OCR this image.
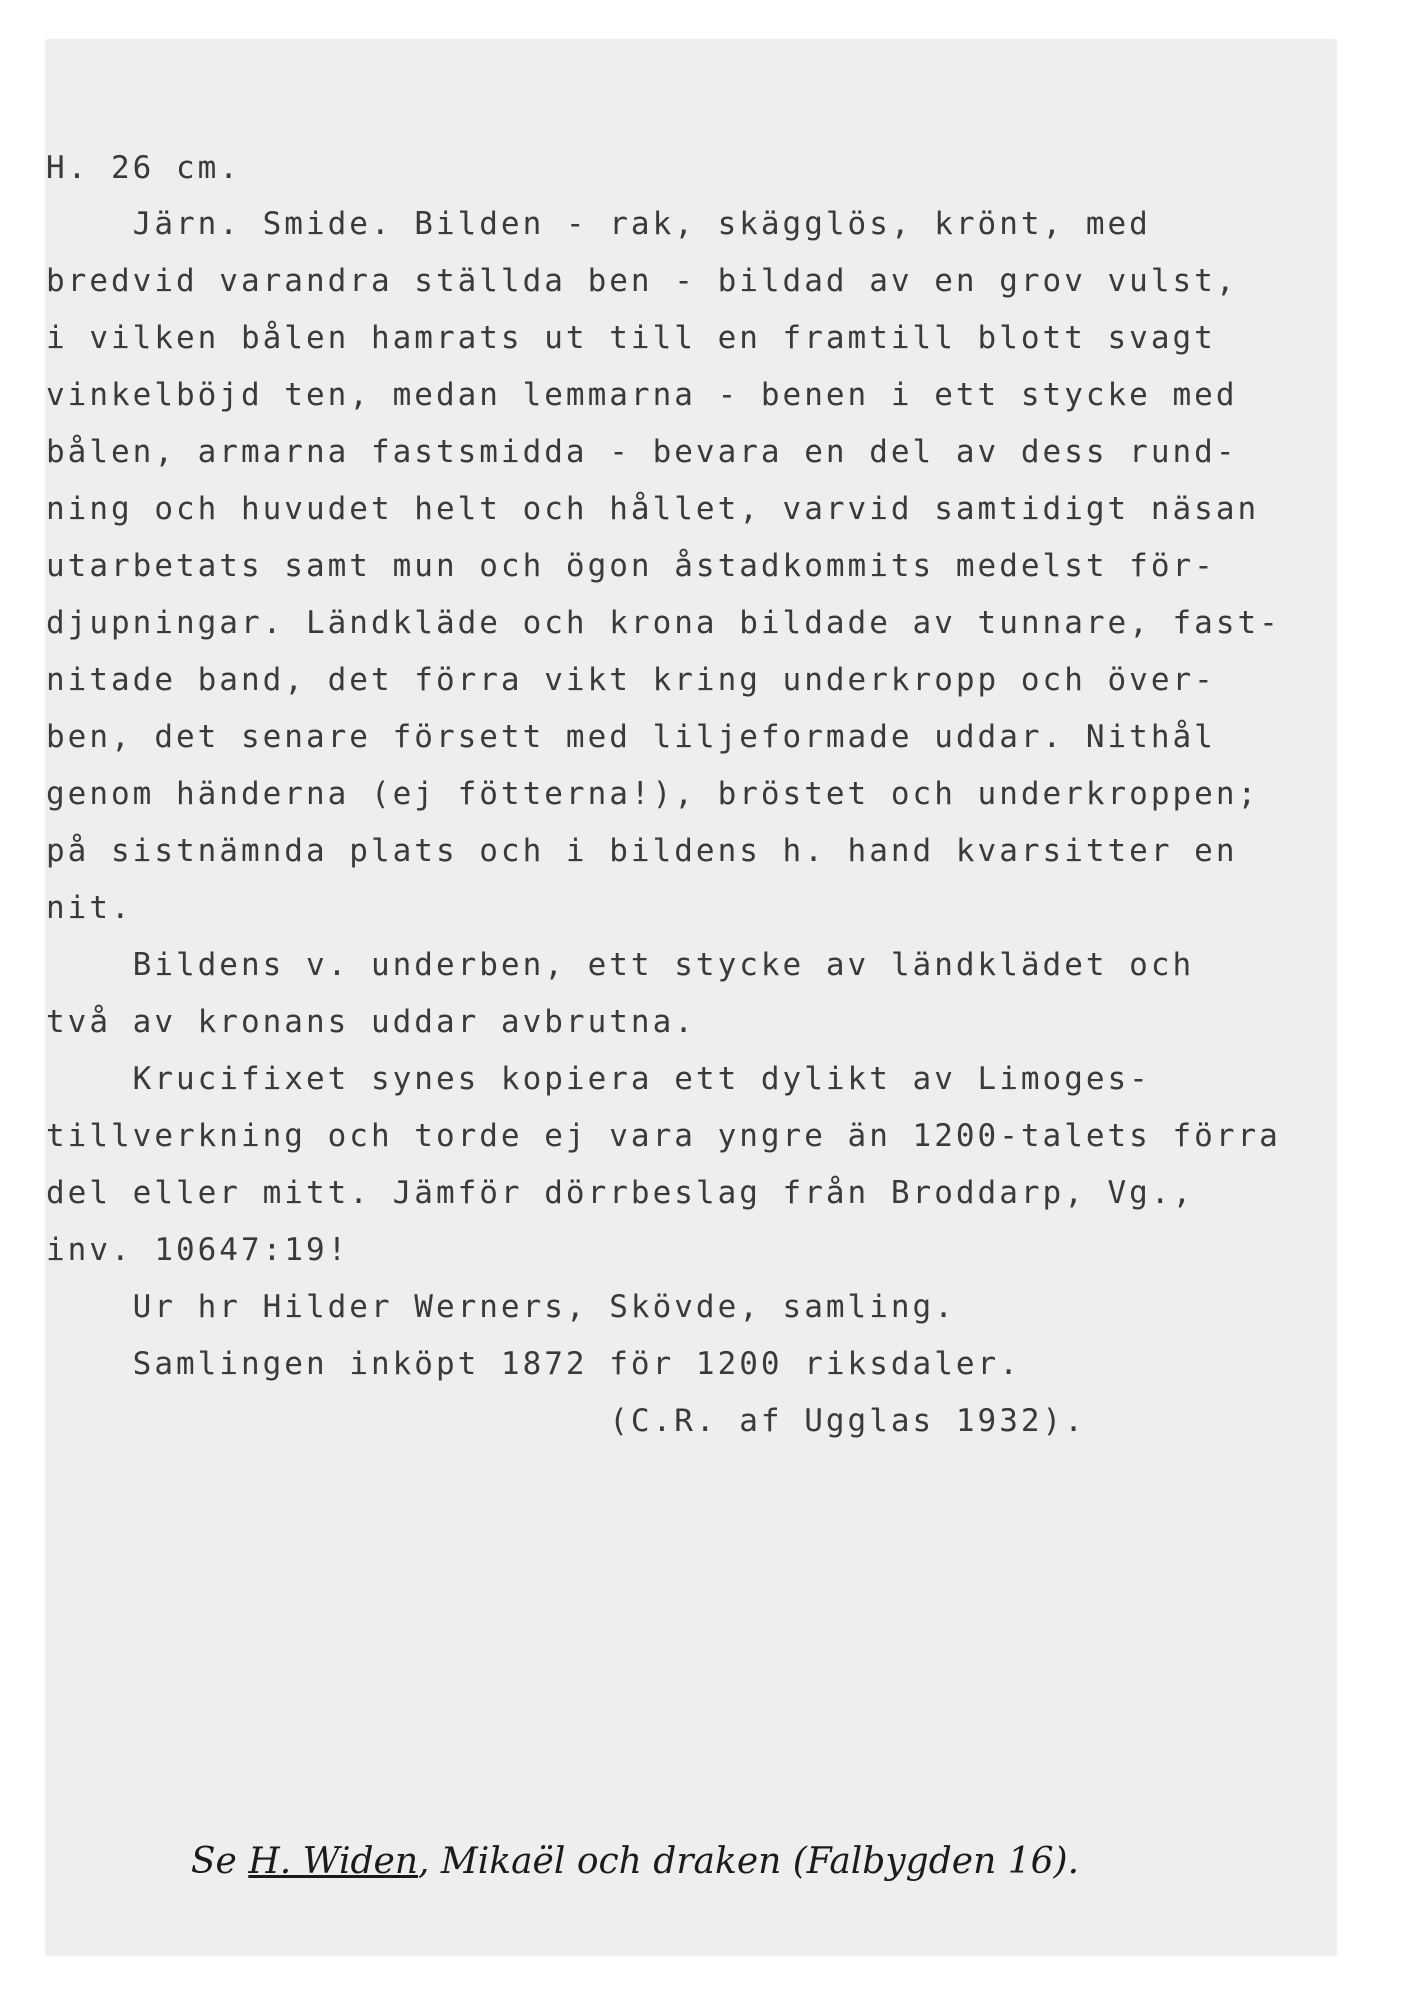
H. 26 cm.
Järn. Smide. Bilden - rak, skägglös, krönt, med
bredvid varandra ställda ben - bildad av en grov vulst,
i vilken bålen hamrats ut till en framtill blott svagt
vinkelböjd ten, medan lemmarna - benen i ett stycke med
bålen, armarna fastsmidda - bevara en del av dess rund-
ning och huvudet helt och hållet, varvid samtidigt näsan
utarbetats samt mun och ögon åstadkommits medelst för-
djupningar. Ländkläde och krona bildade av tunnare, fast-
nitade band, det förra vikt kring underkropp och över-
ben, det senare försett med liljeformade uddar. Nithål
genom händerna (ej fötterna!), bröstet och underkroppen;
på sistnämnda plats och i bildens h. hand kvarsitter en
nit.
Bildens v. underben, ett stycke av ländklädet och
två av kronans uddar avbrutna.
Krucifixet synes kopiera ett dylikt av Limoges-
tillverkning och torde ej vara yngre än 1200-talets förra
del eller mitt. Jämför dörrbeslag från Broddarp, Vg.,
inv. 10647:19!
Ur hr Hilder Werners, Skövde, samling.
Samlingen inköpt 1872 för 1200 riksdaler.
(C.R. af Ugglas 1932).

Se H. Widen, Mikaël och draken (Falbygden 16).
